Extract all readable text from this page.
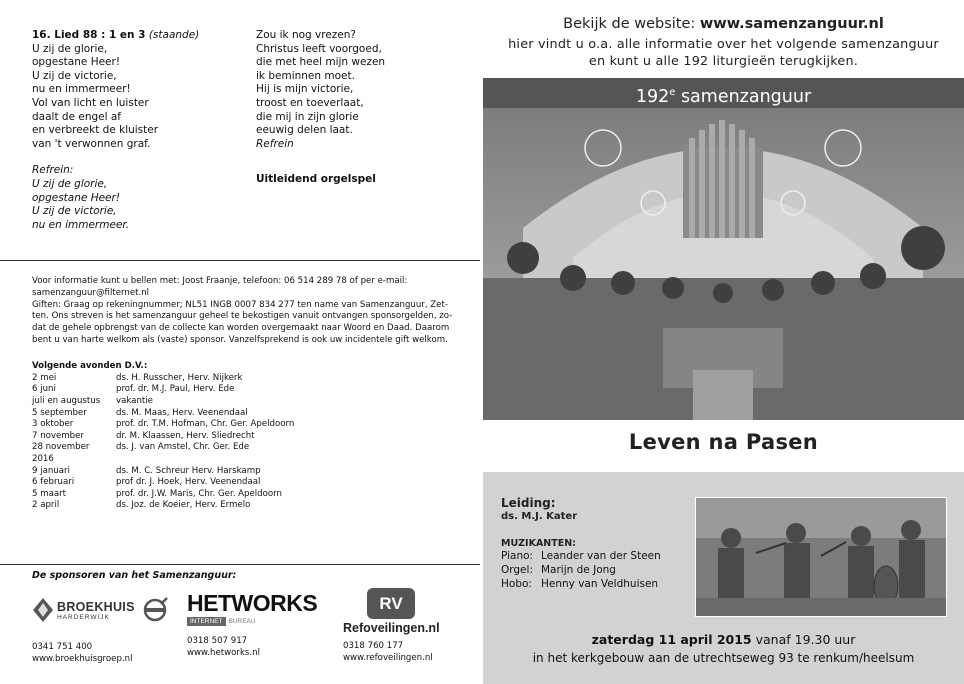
16. Lied 88 : 1 en 3 (staande)
U zij de glorie,
opgestane Heer!
U zij de victorie,
nu en immermeer!
Vol van licht en luister
daalt de engel af
en verbreekt de kluister
van 't verwonnen graf.
Refrein:
U zij de glorie,
opgestane Heer!
U zij de victorie,
nu en immermeer.
Zou ik nog vrezen?
Christus leeft voorgoed,
die met heel mijn wezen
ik beminnen moet.
Hij is mijn victorie,
troost en toeverlaat,
die mij in zijn glorie
eeuwig delen laat.
Refrein
Uitleidend orgelspel
Voor informatie kunt u bellen met: Joost Fraanje, telefoon: 06 514 289 78 of per e-mail:
samenzanguur@filternet.nl
Giften: Graag op rekeningnummer; NL51 INGB 0007 834 277 ten name van Samenzanguur, Zet-
ten. Ons streven is het samenzanguur geheel te bekostigen vanuit ontvangen sponsorgelden, zo-
dat de gehele opbrengst van de collecte kan worden overgemaakt naar Woord en Daad. Daarom
bent u van harte welkom als (vaste) sponsor. Vanzelfsprekend is ook uw incidentele gift welkom.
Volgende avonden D.V.:
2 mei	ds. H. Russcher, Herv. Nijkerk
6 juni	prof. dr. M.J. Paul, Herv. Ede
juli en augustus	vakantie
5 september	ds. M. Maas, Herv. Veenendaal
3 oktober	prof. dr. T.M. Hofman, Chr. Ger. Apeldoorn
7 november	dr. M. Klaassen, Herv. Sliedrecht
28 november	ds. J. van Amstel, Chr. Ger. Ede
2016	
9 januari	ds. M. C. Schreur Herv. Harskamp
6 februari	prof dr. J. Hoek, Herv. Veenendaal
5 maart	prof. dr. J.W. Maris, Chr. Ger. Apeldoorn
2 april	ds. Joz. de Koeier, Herv. Ermelo
De sponsoren van het Samenzanguur:
BROEKHUIS
HARDERWIJK
0341 751 400
www.broekhuisgroep.nl
HETWORKS
INTERNET BUREAU
0318 507 917
www.hetworks.nl
RV
Refoveilingen.nl
0318 760 177
www.refoveilingen.nl
Bekijk de website: www.samenzanguur.nl
hier vindt u o.a. alle informatie over het volgende samenzanguur
en kunt u alle 192 liturgieën terugkijken.
192e samenzanguur
Leven na Pasen
Leiding:
ds. M.J. Kater
MUZIKANTEN:
Piano: Leander van der Steen
Orgel: Marijn de Jong
Hobo: Henny van Veldhuisen
zaterdag 11 april 2015 vanaf 19.30 uur
in het kerkgebouw aan de utrechtseweg 93 te renkum/heelsum
